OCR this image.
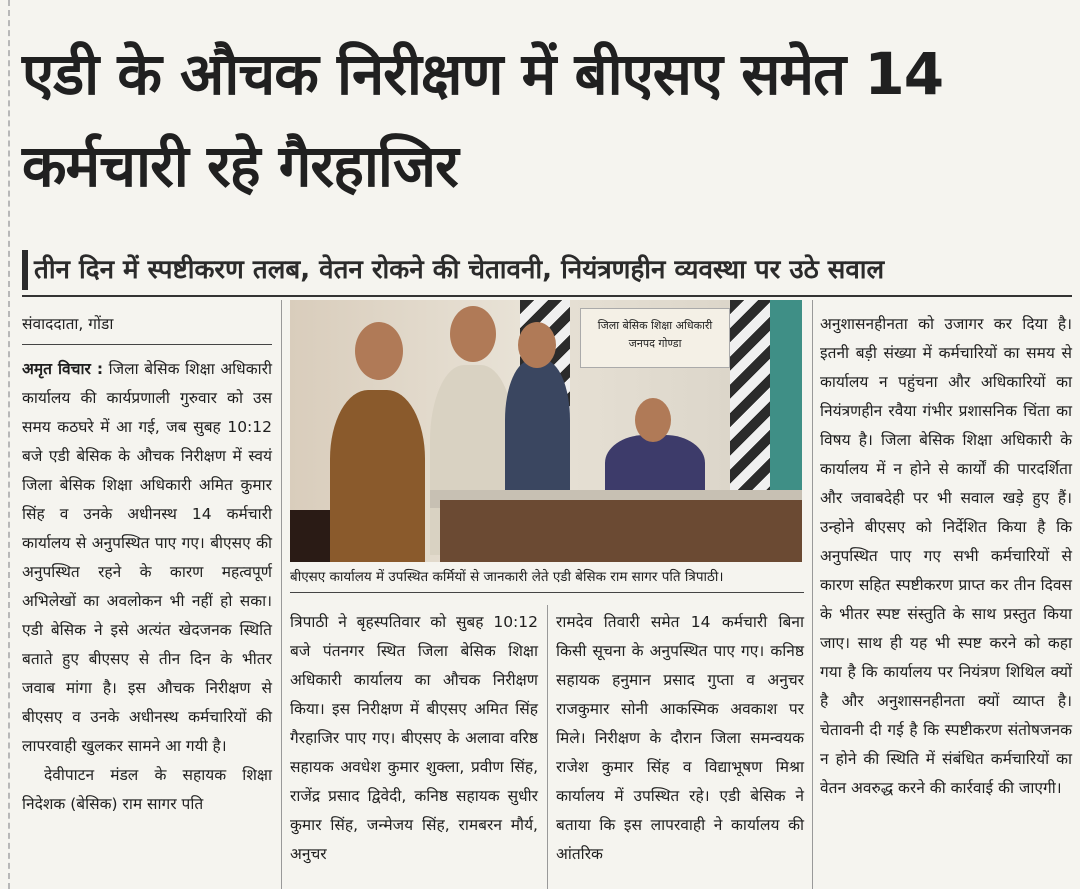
एडी के औचक निरीक्षण में बीएसए समेत 14 कर्मचारी रहे गैरहाजिर
तीन दिन में स्पष्टीकरण तलब, वेतन रोकने की चेतावनी, नियंत्रणहीन व्यवस्था पर उठे सवाल
संवाददाता, गोंडा

अमृत विचार : जिला बेसिक शिक्षा अधिकारी कार्यालय की कार्यप्रणाली गुरुवार को उस समय कठघरे में आ गई, जब सुबह 10:12 बजे एडी बेसिक के औचक निरीक्षण में स्वयं जिला बेसिक शिक्षा अधिकारी अमित कुमार सिंह व उनके अधीनस्थ 14 कर्मचारी कार्यालय से अनुपस्थित पाए गए। बीएसए की अनुपस्थित रहने के कारण महत्वपूर्ण अभिलेखों का अवलोकन भी नहीं हो सका। एडी बेसिक ने इसे अत्यंत खेदजनक स्थिति बताते हुए बीएसए से तीन दिन के भीतर जवाब मांगा है। इस औचक निरीक्षण से बीएसए व उनके अधीनस्थ कर्मचारियों की लापरवाही खुलकर सामने आ गयी है।

देवीपाटन मंडल के सहायक शिक्षा निदेशक (बेसिक) राम सागर पति

जिला बेसिक शिक्षा अधिकारी
जनपद गोण्डा
बीएसए कार्यालय में उपस्थित कर्मियों से जानकारी लेते एडी बेसिक राम सागर पति त्रिपाठी।
त्रिपाठी ने बृहस्पतिवार को सुबह 10:12 बजे पंतनगर स्थित जिला बेसिक शिक्षा अधिकारी कार्यालय का औचक निरीक्षण किया। इस निरीक्षण में बीएसए अमित सिंह गैरहाजिर पाए गए। बीएसए के अलावा वरिष्ठ सहायक अवधेश कुमार शुक्ला, प्रवीण सिंह, राजेंद्र प्रसाद द्विवेदी, कनिष्ठ सहायक सुधीर कुमार सिंह, जन्मेजय सिंह, रामबरन मौर्य, अनुचर
रामदेव तिवारी समेत 14 कर्मचारी बिना किसी सूचना के अनुपस्थित पाए गए। कनिष्ठ सहायक हनुमान प्रसाद गुप्ता व अनुचर राजकुमार सोनी आकस्मिक अवकाश पर मिले। निरीक्षण के दौरान जिला समन्वयक राजेश कुमार सिंह व विद्याभूषण मिश्रा कार्यालय में उपस्थित रहे। एडी बेसिक ने बताया कि इस लापरवाही ने कार्यालय की आंतरिक
अनुशासनहीनता को उजागर कर दिया है। इतनी बड़ी संख्या में कर्मचारियों का समय से कार्यालय न पहुंचना और अधिकारियों का नियंत्रणहीन रवैया गंभीर प्रशासनिक चिंता का विषय है। जिला बेसिक शिक्षा अधिकारी के कार्यालय में न होने से कार्यों की पारदर्शिता और जवाबदेही पर भी सवाल खड़े हुए हैं। उन्होने बीएसए को निर्देशित किया है कि अनुपस्थित पाए गए सभी कर्मचारियों से कारण सहित स्पष्टीकरण प्राप्त कर तीन दिवस के भीतर स्पष्ट संस्तुति के साथ प्रस्तुत किया जाए। साथ ही यह भी स्पष्ट करने को कहा गया है कि कार्यालय पर नियंत्रण शिथिल क्यों है और अनुशासनहीनता क्यों व्याप्त है। चेतावनी दी गई है कि स्पष्टीकरण संतोषजनक न होने की स्थिति में संबंधित कर्मचारियों का वेतन अवरुद्ध करने की कार्रवाई की जाएगी।
